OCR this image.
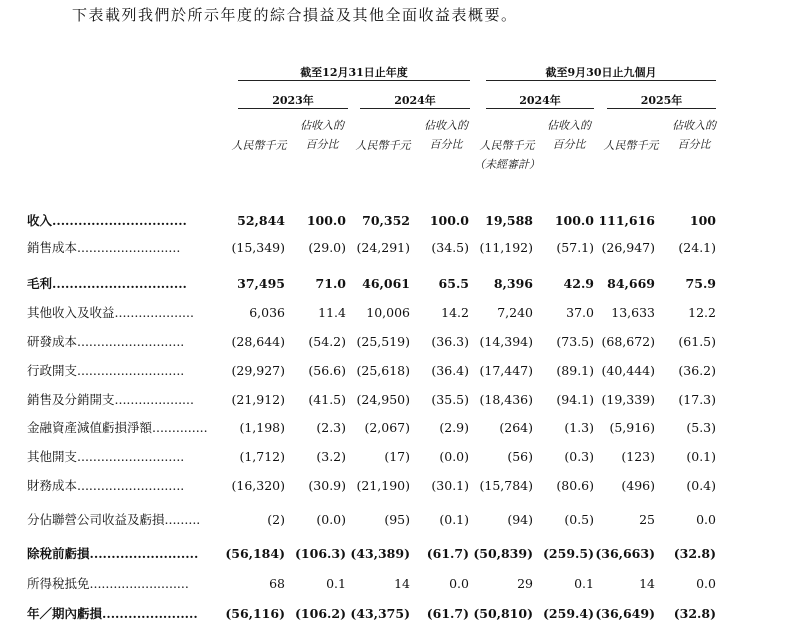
下表載列我們於所示年度的綜合損益及其他全面收益表概要。
截至12月31日止年度	截至9月30日止九個月
2023年	2024年	2024年	2025年
人民幣千元
佔收入的
百分比	人民幣千元
佔收入的
百分比	人民幣千元
（未經審計）
佔收入的
百分比	人民幣千元
佔收入的
百分比
收入...............................	52,844	100.0	70,352	100.0	19,588	100.0 111,616	100
銷售成本..........................	(15,349)	(29.0) (24,291)	(34.5) (11,192)	(57.1) (26,947)	(24.1)
毛利...............................	37,495	71.0	46,061	65.5	8,396	42.9	84,669	75.9
其他收入及收益....................	6,036	11.4	10,006	14.2	7,240	37.0	13,633	12.2
研發成本...........................	(28,644)	(54.2) (25,519)	(36.3) (14,394)	(73.5) (68,672)	(61.5)
行政開支...........................	(29,927)	(56.6) (25,618)	(36.4) (17,447)	(89.1) (40,444)	(36.2)
銷售及分銷開支....................	(21,912)	(41.5) (24,950)	(35.5) (18,436)	(94.1) (19,339)	(17.3)
金融資產減值虧損淨額..............	(1,198)	(2.3)	(2,067)	(2.9)	(264)	(1.3)	(5,916)	(5.3)
其他開支...........................	(1,712)	(3.2)	(17)	(0.0)	(56)	(0.3)	(123)	(0.1)
財務成本...........................	(16,320)	(30.9) (21,190)	(30.1) (15,784)	(80.6)	(496)	(0.4)
分佔聯營公司收益及虧損.........	(2)	(0.0)	(95)	(0.1)	(94)	(0.5)	25	0.0
除稅前虧損.........................	(56,184) (106.3) (43,389)	(61.7) (50,839) (259.5) (36,663)	(32.8)
所得稅抵免.........................	68	0.1	14	0.0	29	0.1	14	0.0
年／期內虧損......................	(56,116) (106.2) (43,375)	(61.7) (50,810) (259.4) (36,649)	(32.8)
